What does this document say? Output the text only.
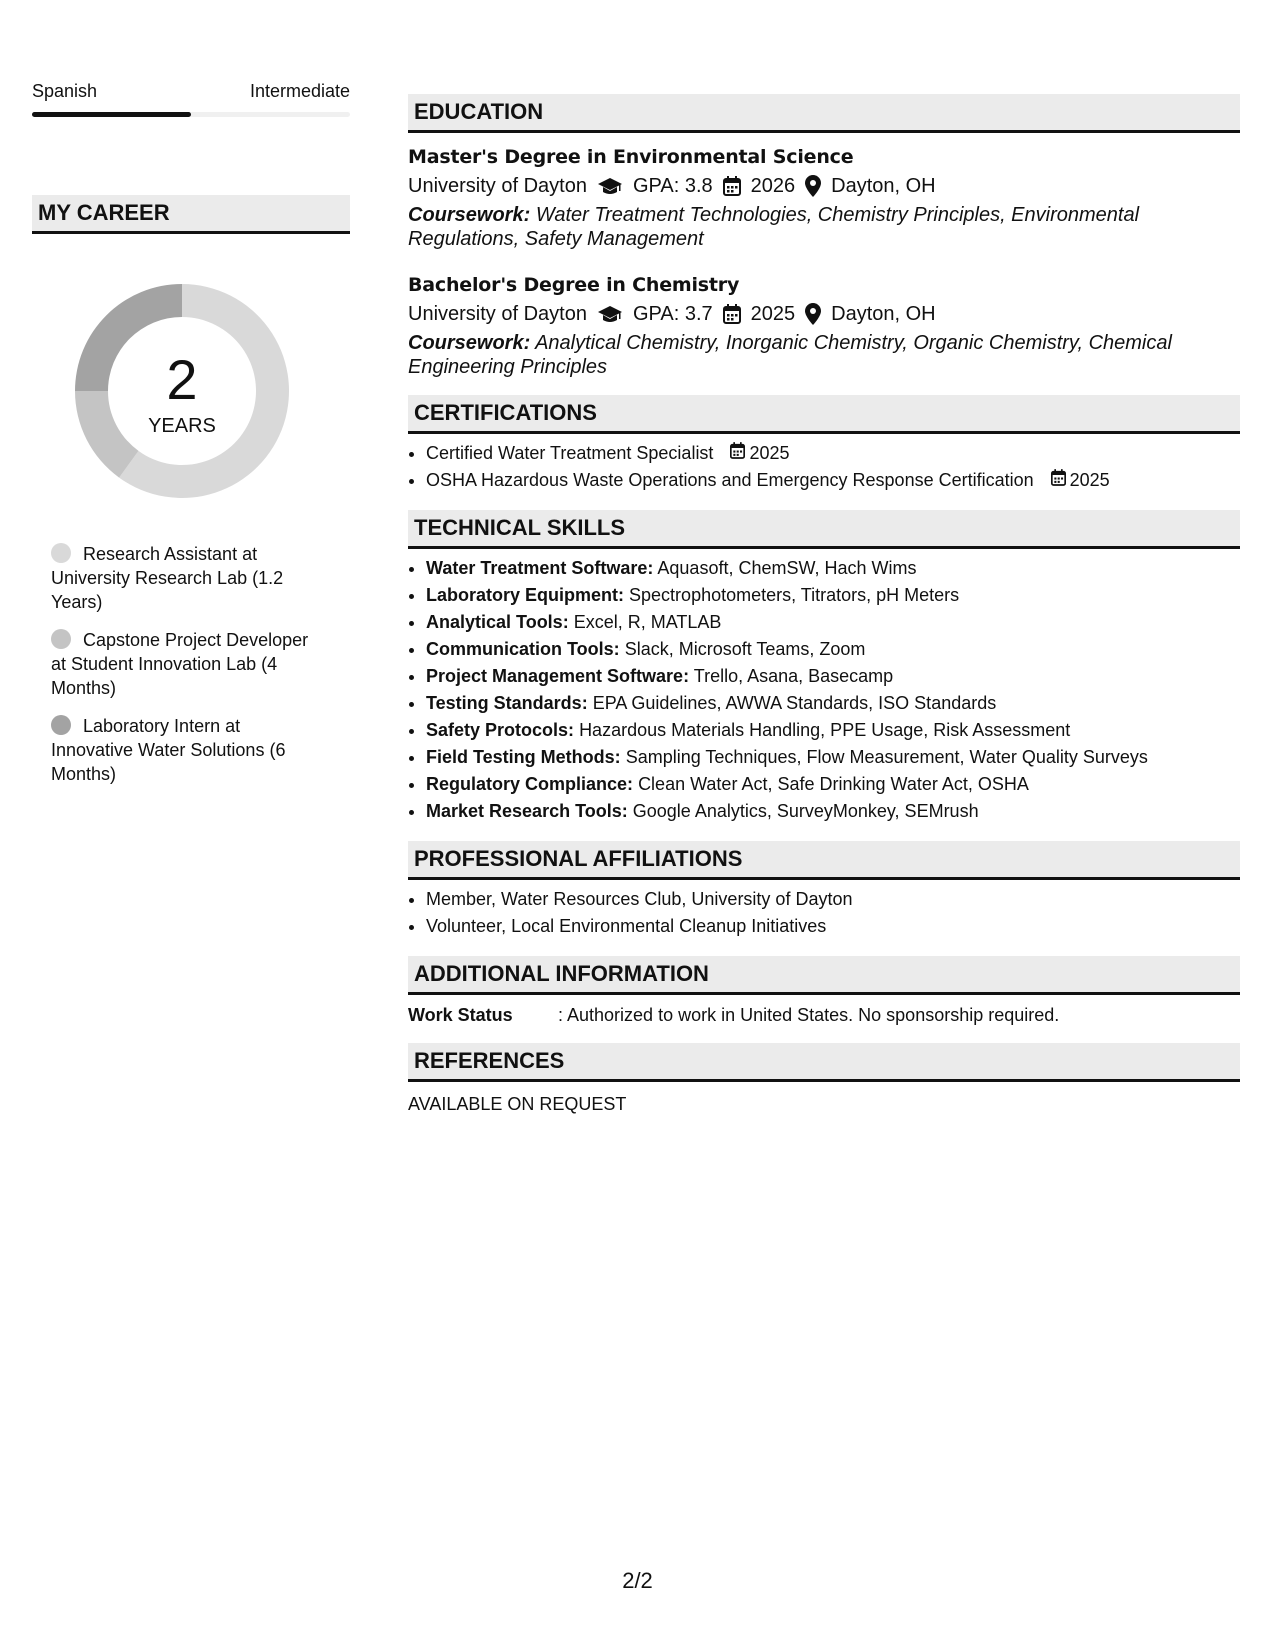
Spanish	Intermediate
MY CAREER
2
YEARS
Research Assistant at University Research Lab (1.2 Years)
Capstone Project Developer at Student Innovation Lab (4 Months)
Laboratory Intern at Innovative Water Solutions (6 Months)
EDUCATION
Master's Degree in Environmental Science
University of Dayton GPA: 3.8 2026 Dayton, OH
Coursework: Water Treatment Technologies, Chemistry Principles, Environmental Regulations, Safety Management
Bachelor's Degree in Chemistry
University of Dayton GPA: 3.7 2025 Dayton, OH
Coursework: Analytical Chemistry, Inorganic Chemistry, Organic Chemistry, Chemical Engineering Principles
CERTIFICATIONS
• Certified Water Treatment Specialist 2025
• OSHA Hazardous Waste Operations and Emergency Response Certification 2025
TECHNICAL SKILLS
• Water Treatment Software: Aquasoft, ChemSW, Hach Wims
• Laboratory Equipment: Spectrophotometers, Titrators, pH Meters
• Analytical Tools: Excel, R, MATLAB
• Communication Tools: Slack, Microsoft Teams, Zoom
• Project Management Software: Trello, Asana, Basecamp
• Testing Standards: EPA Guidelines, AWWA Standards, ISO Standards
• Safety Protocols: Hazardous Materials Handling, PPE Usage, Risk Assessment
• Field Testing Methods: Sampling Techniques, Flow Measurement, Water Quality Surveys
• Regulatory Compliance: Clean Water Act, Safe Drinking Water Act, OSHA
• Market Research Tools: Google Analytics, SurveyMonkey, SEMrush
PROFESSIONAL AFFILIATIONS
• Member, Water Resources Club, University of Dayton
• Volunteer, Local Environmental Cleanup Initiatives
ADDITIONAL INFORMATION
Work Status	: Authorized to work in United States. No sponsorship required.
REFERENCES
AVAILABLE ON REQUEST
2/2
